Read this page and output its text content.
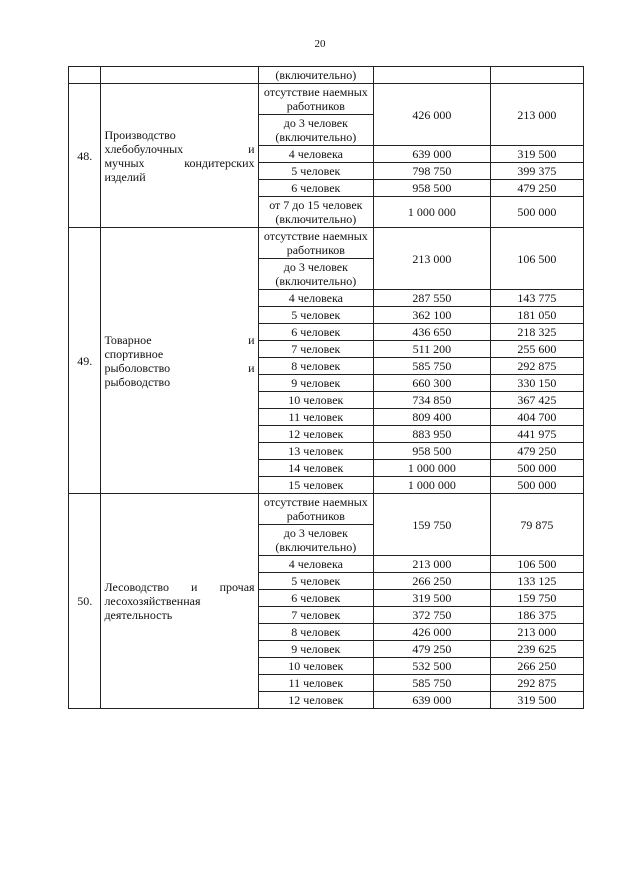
20
		(включительно)		
48.	Производство
хлебобулочных и
мучных кондитерских
изделий	отсутствие наемных работников	426 000	213 000
		до 3 человек (включительно)		
		4 человека	639 000	319 500
		5 человек	798 750	399 375
		6 человек	958 500	479 250
		от 7 до 15 человек (включительно)	1 000 000	500 000
49.	Товарное и
спортивное
рыболовство и
рыбоводство	отсутствие наемных работников	213 000	106 500
		до 3 человек (включительно)		
		4 человека	287 550	143 775
		5 человек	362 100	181 050
		6 человек	436 650	218 325
		7 человек	511 200	255 600
		8 человек	585 750	292 875
		9 человек	660 300	330 150
		10 человек	734 850	367 425
		11 человек	809 400	404 700
		12 человек	883 950	441 975
		13 человек	958 500	479 250
		14 человек	1 000 000	500 000
		15 человек	1 000 000	500 000
50.	Лесоводство и прочая
лесохозяйственная
деятельность	отсутствие наемных работников	159 750	79 875
		до 3 человек (включительно)		
		4 человека	213 000	106 500
		5 человек	266 250	133 125
		6 человек	319 500	159 750
		7 человек	372 750	186 375
		8 человек	426 000	213 000
		9 человек	479 250	239 625
		10 человек	532 500	266 250
		11 человек	585 750	292 875
		12 человек	639 000	319 500
